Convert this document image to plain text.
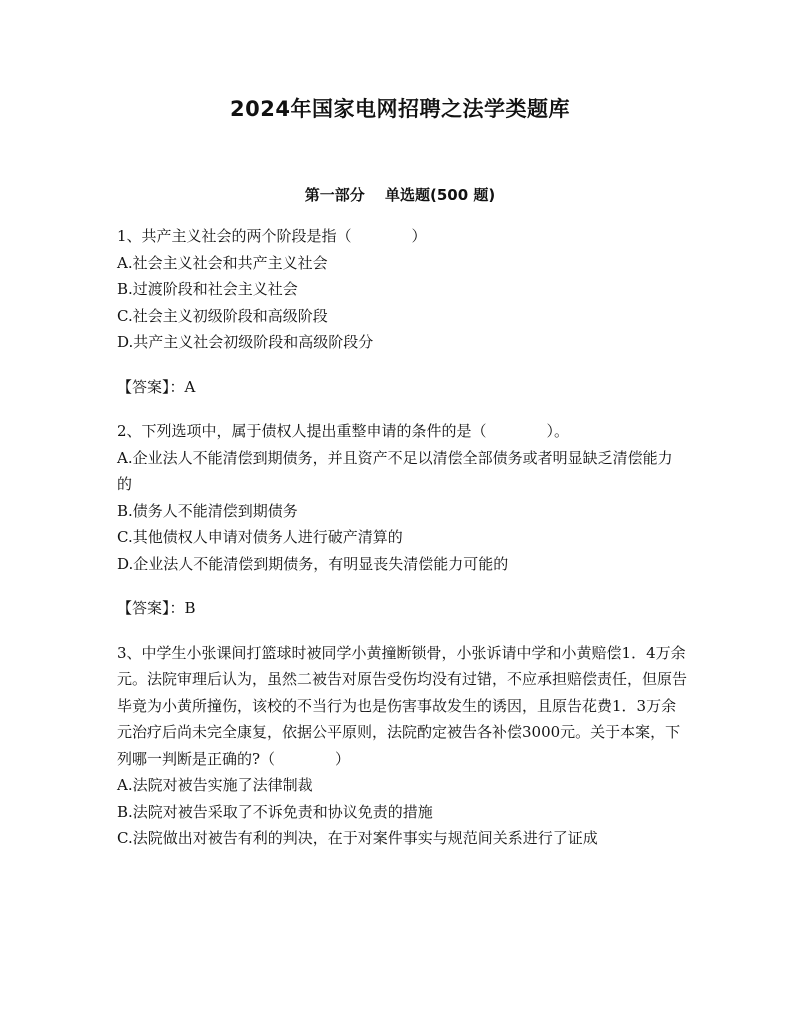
2024年国家电网招聘之法学类题库
第一部分　 单选题(500 题)
1、共产主义社会的两个阶段是指（　　　　）
A.社会主义社会和共产主义社会
B.过渡阶段和社会主义社会
C.社会主义初级阶段和高级阶段
D.共产主义社会初级阶段和高级阶段分
【答案】：A
2、下列选项中，属于债权人提出重整申请的条件的是（　　　　）。
A.企业法人不能清偿到期债务，并且资产不足以清偿全部债务或者明显缺乏清偿能力的
B.债务人不能清偿到期债务
C.其他债权人申请对债务人进行破产清算的
D.企业法人不能清偿到期债务，有明显丧失清偿能力可能的
【答案】：B
3、中学生小张课间打篮球时被同学小黄撞断锁骨，小张诉请中学和小黄赔偿1．4万余元。法院审理后认为，虽然二被告对原告受伤均没有过错，不应承担赔偿责任，但原告毕竟为小黄所撞伤，该校的不当行为也是伤害事故发生的诱因，且原告花费1．3万余元治疗后尚未完全康复，依据公平原则，法院酌定被告各补偿3000元。关于本案，下列哪一判断是正确的?（　　　　）
A.法院对被告实施了法律制裁
B.法院对被告采取了不诉免责和协议免责的措施
C.法院做出对被告有利的判决，在于对案件事实与规范间关系进行了证成
